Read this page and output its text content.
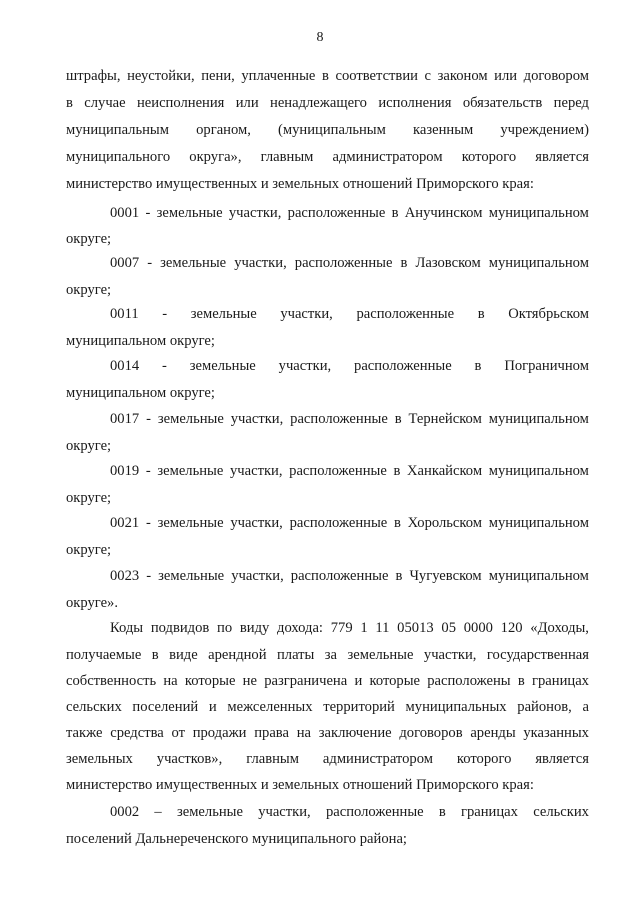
8
штрафы, неустойки, пени, уплаченные в соответствии с законом или договором
в случае неисполнения или ненадлежащего исполнения обязательств перед
муниципальным органом, (муниципальным казенным учреждением)
муниципального округа», главным администратором которого является
министерство имущественных и земельных отношений Приморского края:
0001 - земельные участки, расположенные в Анучинском муниципальном
округе;
0007 - земельные участки, расположенные в Лазовском муниципальном
округе;
0011 - земельные участки, расположенные в Октябрьском
муниципальном округе;
0014 - земельные участки, расположенные в Пограничном
муниципальном округе;
0017 - земельные участки, расположенные в Тернейском муниципальном
округе;
0019 - земельные участки, расположенные в Ханкайском муниципальном
округе;
0021 - земельные участки, расположенные в Хорольском муниципальном
округе;
0023 - земельные участки, расположенные в Чугуевском муниципальном
округе».
Коды подвидов по виду дохода: 779 1 11 05013 05 0000 120 «Доходы,
получаемые в виде арендной платы за земельные участки, государственная
собственность на которые не разграничена и которые расположены в границах
сельских поселений и межселенных территорий муниципальных районов, а
также средства от продажи права на заключение договоров аренды указанных
земельных участков», главным администратором которого является
министерство имущественных и земельных отношений Приморского края:
0002 – земельные участки, расположенные в границах сельских
поселений Дальнереченского муниципального района;
